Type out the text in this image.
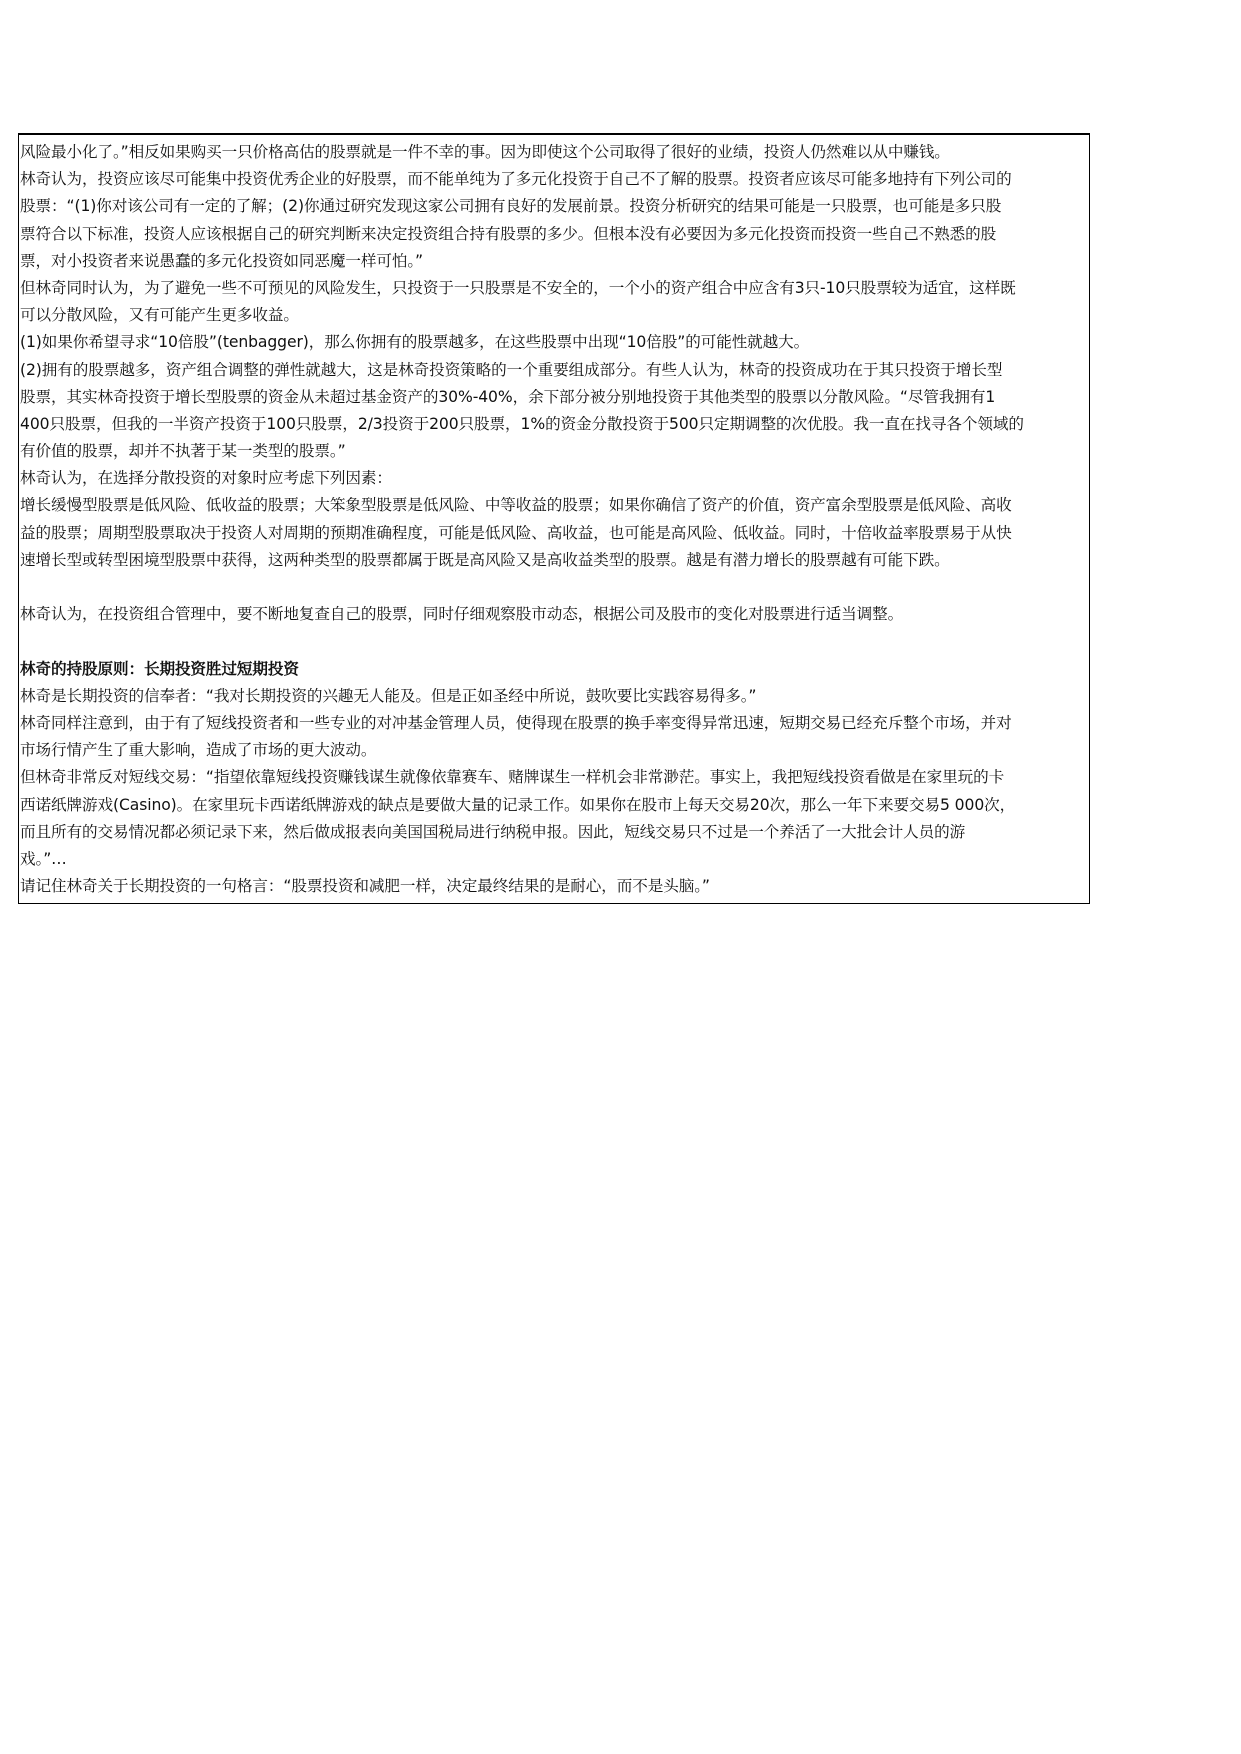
风险最小化了。”相反如果购买一只价格高估的股票就是一件不幸的事。因为即使这个公司取得了很好的业绩，投资人仍然难以从中赚钱。
林奇认为，投资应该尽可能集中投资优秀企业的好股票，而不能单纯为了多元化投资于自己不了解的股票。投资者应该尽可能多地持有下列公司的
股票：“(1)你对该公司有一定的了解；(2)你通过研究发现这家公司拥有良好的发展前景。投资分析研究的结果可能是一只股票，也可能是多只股
票符合以下标准，投资人应该根据自己的研究判断来决定投资组合持有股票的多少。但根本没有必要因为多元化投资而投资一些自己不熟悉的股
票，对小投资者来说愚蠢的多元化投资如同恶魔一样可怕。”
但林奇同时认为，为了避免一些不可预见的风险发生，只投资于一只股票是不安全的，一个小的资产组合中应含有3只-10只股票较为适宜，这样既
可以分散风险，又有可能产生更多收益。
(1)如果你希望寻求“10倍股”(tenbagger)，那么你拥有的股票越多，在这些股票中出现“10倍股”的可能性就越大。
(2)拥有的股票越多，资产组合调整的弹性就越大，这是林奇投资策略的一个重要组成部分。有些人认为，林奇的投资成功在于其只投资于增长型
股票，其实林奇投资于增长型股票的资金从未超过基金资产的30%-40%，余下部分被分别地投资于其他类型的股票以分散风险。“尽管我拥有1
400只股票，但我的一半资产投资于100只股票，2/3投资于200只股票，1%的资金分散投资于500只定期调整的次优股。我一直在找寻各个领域的
有价值的股票，却并不执著于某一类型的股票。”
林奇认为，在选择分散投资的对象时应考虑下列因素：
增长缓慢型股票是低风险、低收益的股票；大笨象型股票是低风险、中等收益的股票；如果你确信了资产的价值，资产富余型股票是低风险、高收
益的股票；周期型股票取决于投资人对周期的预期准确程度，可能是低风险、高收益，也可能是高风险、低收益。同时，十倍收益率股票易于从快
速增长型或转型困境型股票中获得，这两种类型的股票都属于既是高风险又是高收益类型的股票。越是有潜力增长的股票越有可能下跌。
林奇认为，在投资组合管理中，要不断地复查自己的股票，同时仔细观察股市动态，根据公司及股市的变化对股票进行适当调整。
林奇的持股原则：长期投资胜过短期投资
林奇是长期投资的信奉者：“我对长期投资的兴趣无人能及。但是正如圣经中所说，鼓吹要比实践容易得多。”
林奇同样注意到，由于有了短线投资者和一些专业的对冲基金管理人员，使得现在股票的换手率变得异常迅速，短期交易已经充斥整个市场，并对
市场行情产生了重大影响，造成了市场的更大波动。
但林奇非常反对短线交易：“指望依靠短线投资赚钱谋生就像依靠赛车、赌牌谋生一样机会非常渺茫。事实上，我把短线投资看做是在家里玩的卡
西诺纸牌游戏(Casino)。在家里玩卡西诺纸牌游戏的缺点是要做大量的记录工作。如果你在股市上每天交易20次，那么一年下来要交易5 000次，
而且所有的交易情况都必须记录下来，然后做成报表向美国国税局进行纳税申报。因此，短线交易只不过是一个养活了一大批会计人员的游
戏。”…
请记住林奇关于长期投资的一句格言：“股票投资和减肥一样，决定最终结果的是耐心，而不是头脑。”
